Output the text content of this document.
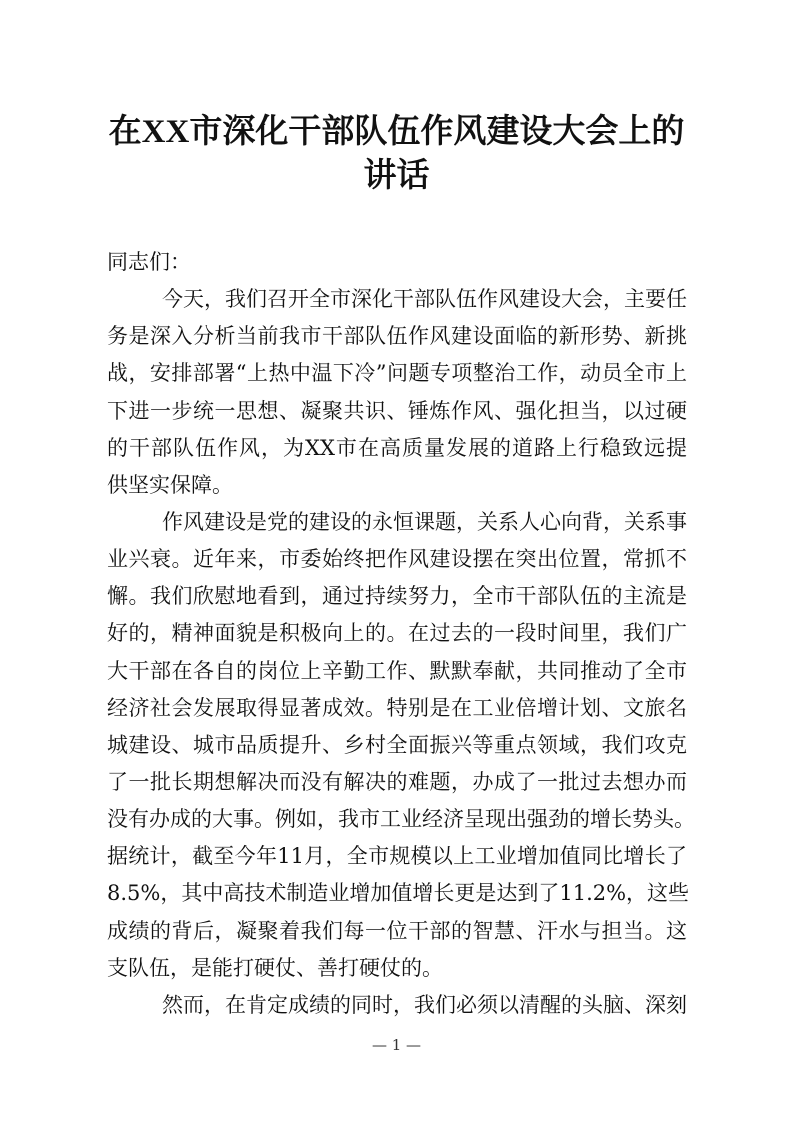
在XX市深化干部队伍作风建设大会上的
讲话
同志们：
今天，我们召开全市深化干部队伍作风建设大会，主要任
务是深入分析当前我市干部队伍作风建设面临的新形势、新挑
战，安排部署“上热中温下冷”问题专项整治工作，动员全市上
下进一步统一思想、凝聚共识、锤炼作风、强化担当，以过硬
的干部队伍作风，为XX市在高质量发展的道路上行稳致远提
供坚实保障。
作风建设是党的建设的永恒课题，关系人心向背，关系事
业兴衰。近年来，市委始终把作风建设摆在突出位置，常抓不
懈。我们欣慰地看到，通过持续努力，全市干部队伍的主流是
好的，精神面貌是积极向上的。在过去的一段时间里，我们广
大干部在各自的岗位上辛勤工作、默默奉献，共同推动了全市
经济社会发展取得显著成效。特别是在工业倍增计划、文旅名
城建设、城市品质提升、乡村全面振兴等重点领域，我们攻克
了一批长期想解决而没有解决的难题，办成了一批过去想办而
没有办成的大事。例如，我市工业经济呈现出强劲的增长势头。
据统计，截至今年11月，全市规模以上工业增加值同比增长了
8.5%，其中高技术制造业增加值增长更是达到了11.2%，这些
成绩的背后，凝聚着我们每一位干部的智慧、汗水与担当。这
支队伍，是能打硬仗、善打硬仗的。
然而，在肯定成绩的同时，我们必须以清醒的头脑、深刻
— 1 —
